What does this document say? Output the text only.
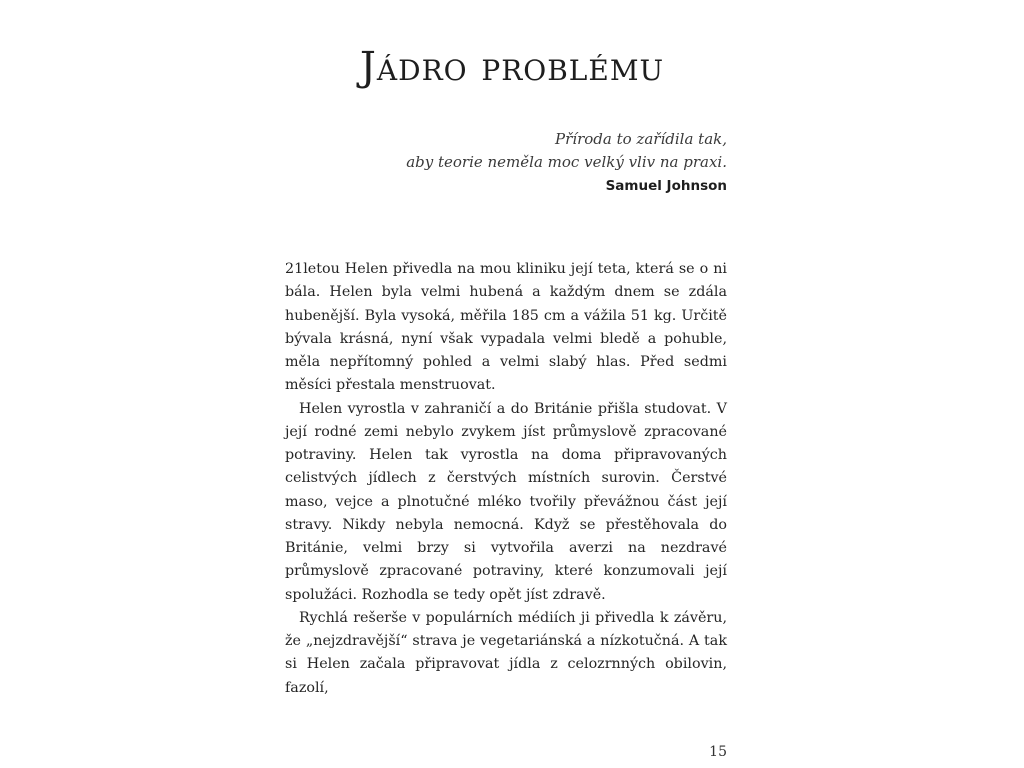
Jádro problému
Příroda to zařídila tak,
aby teorie neměla moc velký vliv na praxi.
Samuel Johnson

21letou Helen přivedla na mou kliniku její teta, která se o ni bála. Helen byla velmi hubená a každým dnem se zdála hubenější. Byla vysoká, měřila 185 cm a vážila 51 kg. Určitě bývala krásná, nyní však vypadala velmi bledě a pohuble, měla nepřítomný pohled a velmi slabý hlas. Před sedmi měsíci přestala menstruovat.

Helen vyrostla v zahraničí a do Británie přišla studovat. V její rodné zemi nebylo zvykem jíst průmyslově zpracované potraviny. Helen tak vyrostla na doma připravovaných celistvých jídlech z čerstvých místních surovin. Čerstvé maso, vejce a plnotučné mléko tvořily převážnou část její stravy. Nikdy nebyla nemocná. Když se přestěhovala do Británie, velmi brzy si vytvořila averzi na nezdravé průmyslově zpracované potraviny, které konzumovali její spolužáci. Rozhodla se tedy opět jíst zdravě.

Rychlá rešerše v populárních médiích ji přivedla k závěru, že „nejzdravější“ strava je vegetariánská a nízkotučná. A tak si Helen začala připravovat jídla z celozrnných obilovin, fazolí,

15
